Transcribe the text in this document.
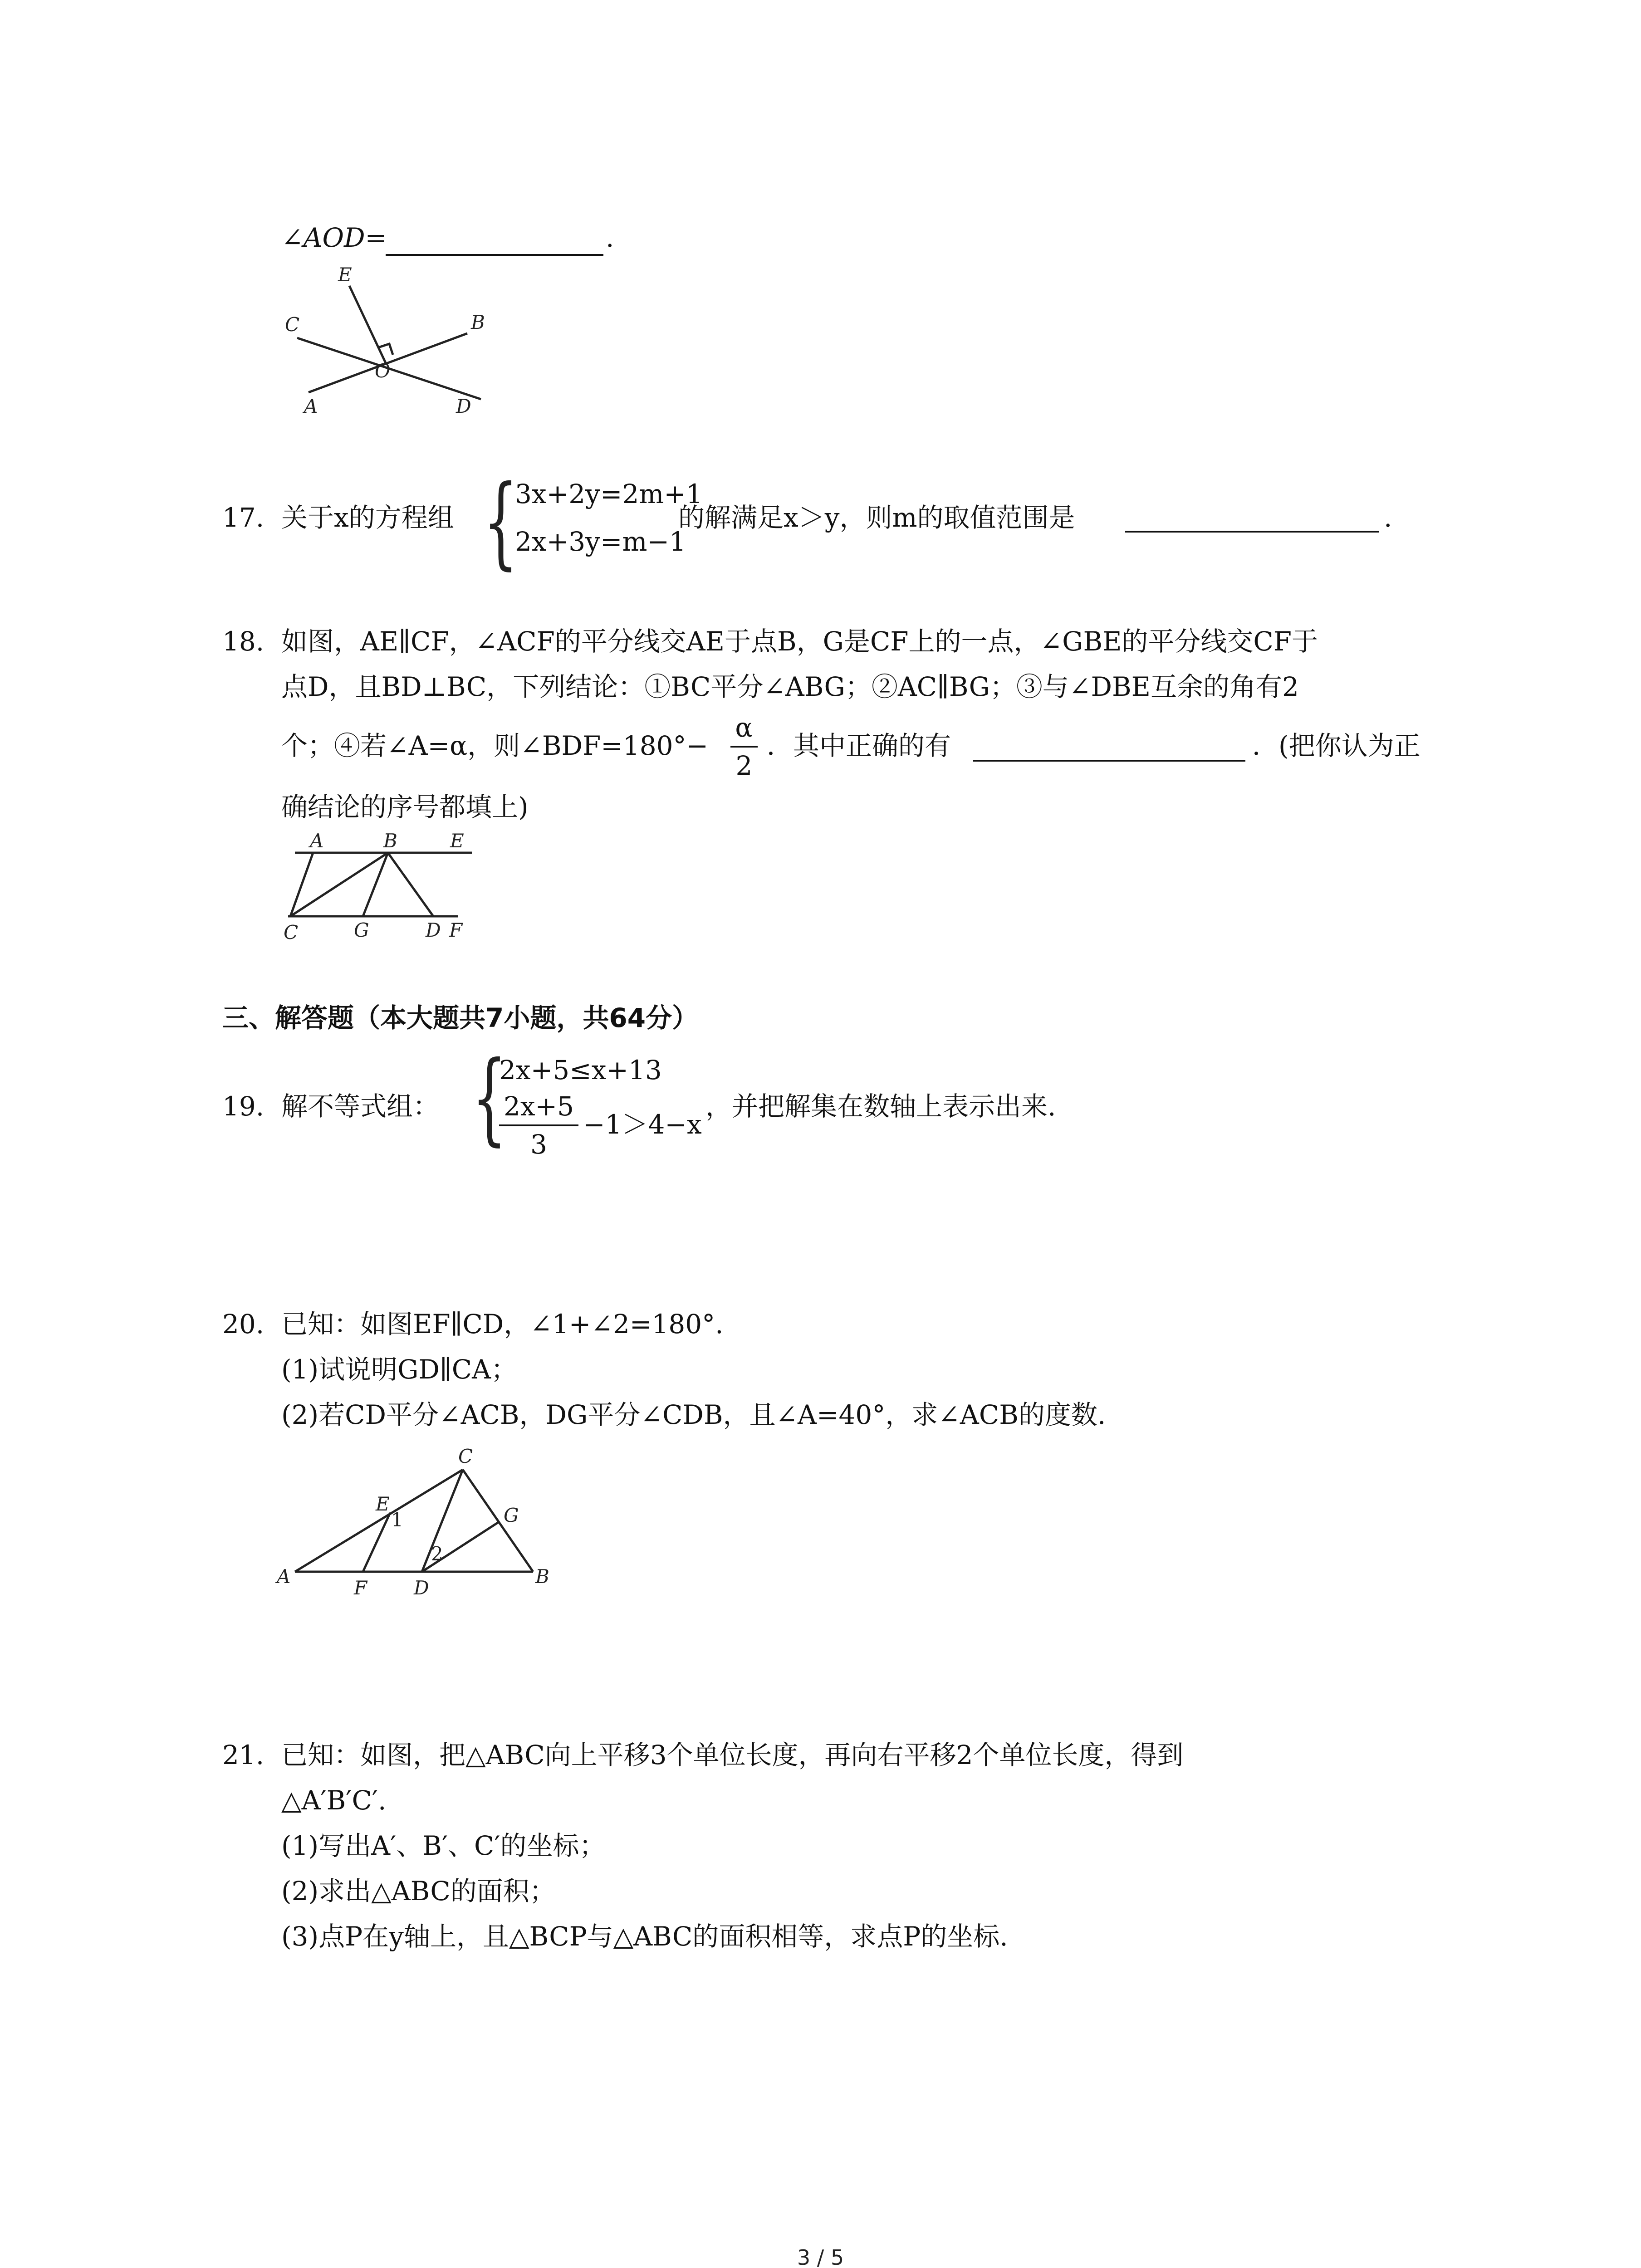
∠AOD=	.
E
C	B
O
A	D
17. 关于x的方程组 {
3x+2y=2m+1
2x+3y=m−1
的解满足x＞y，则m的取值范围是	.
18. 如图，AE∥CF，∠ACF的平分线交AE于点B，G是CF上的一点，∠GBE的平分线交CF于
点D，且BD⊥BC，下列结论：①BC平分∠ABG；②AC∥BG；③与∠DBE互余的角有2
个；④若∠A=α，则∠BDF=180°−
α
2
．其中正确的有	．(把你认为正
确结论的序号都填上)
A	B	E
C	G	D F
三、解答题（本大题共7小题，共64分）
19. 解不等式组： {
2x+5≤x+13
2x+5
3
−1＞4−x
，并把解集在数轴上表示出来.
20. 已知：如图EF∥CD，∠1+∠2=180°.
(1)试说明GD∥CA；
(2)若CD平分∠ACB，DG平分∠CDB，且∠A=40°，求∠ACB的度数.
C
E
1	G
2
A
F D
B
21. 已知：如图，把△ABC向上平移3个单位长度，再向右平移2个单位长度，得到
△A′B′C′.
(1)写出A′、B′、C′的坐标；
(2)求出△ABC的面积；
(3)点P在y轴上，且△BCP与△ABC的面积相等，求点P的坐标.
3 / 5
